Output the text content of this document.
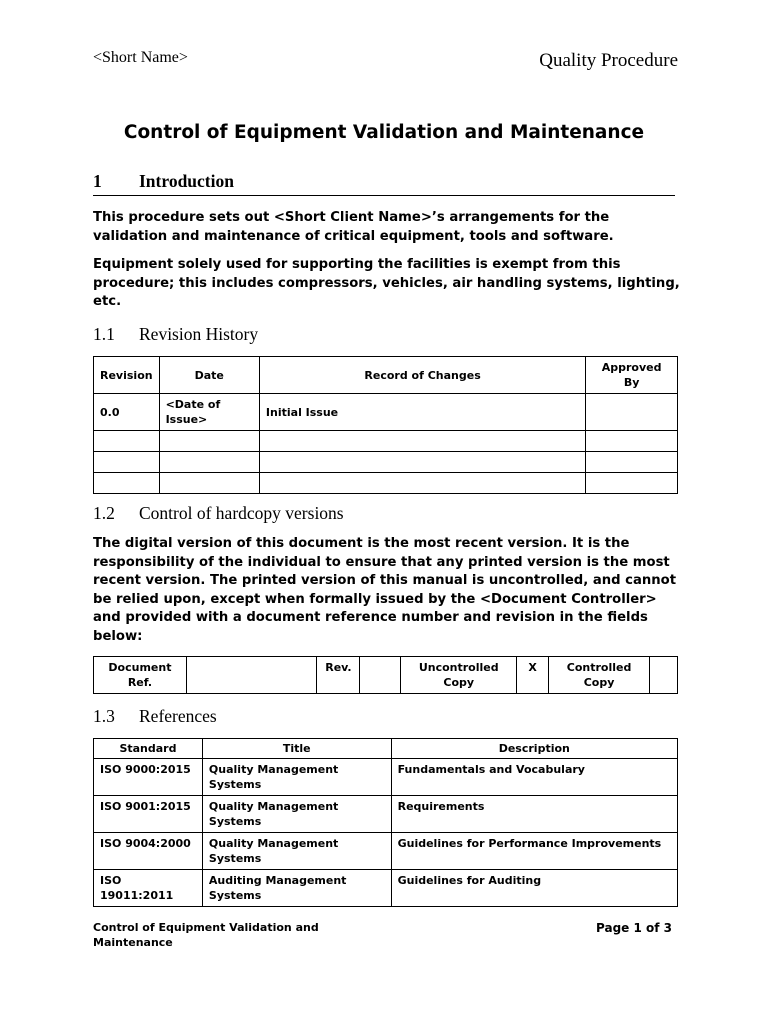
<Short Name>	Quality Procedure
Control of Equipment Validation and Maintenance
1 Introduction
This procedure sets out <Short Client Name>’s arrangements for the validation and maintenance of critical equipment, tools and software.
Equipment solely used for supporting the facilities is exempt from this procedure; this includes compressors, vehicles, air handling systems, lighting, etc.
1.1 Revision History
Revision	Date	Record of Changes	Approved By
0.0	<Date of Issue>	Initial Issue	

1.2 Control of hardcopy versions
The digital version of this document is the most recent version. It is the responsibility of the individual to ensure that any printed version is the most recent version. The printed version of this manual is uncontrolled, and cannot be relied upon, except when formally issued by the <Document Controller> and provided with a document reference number and revision in the fields below:
Document Ref.		Rev.		Uncontrolled Copy	X	Controlled Copy	
1.3 References
Standard	Title	Description
ISO 9000:2015	Quality Management Systems	Fundamentals and Vocabulary
ISO 9001:2015	Quality Management Systems	Requirements
ISO 9004:2000	Quality Management Systems	Guidelines for Performance Improvements
ISO 19011:2011	Auditing Management Systems	Guidelines for Auditing
Control of Equipment Validation and Maintenance
Page 1 of 3
